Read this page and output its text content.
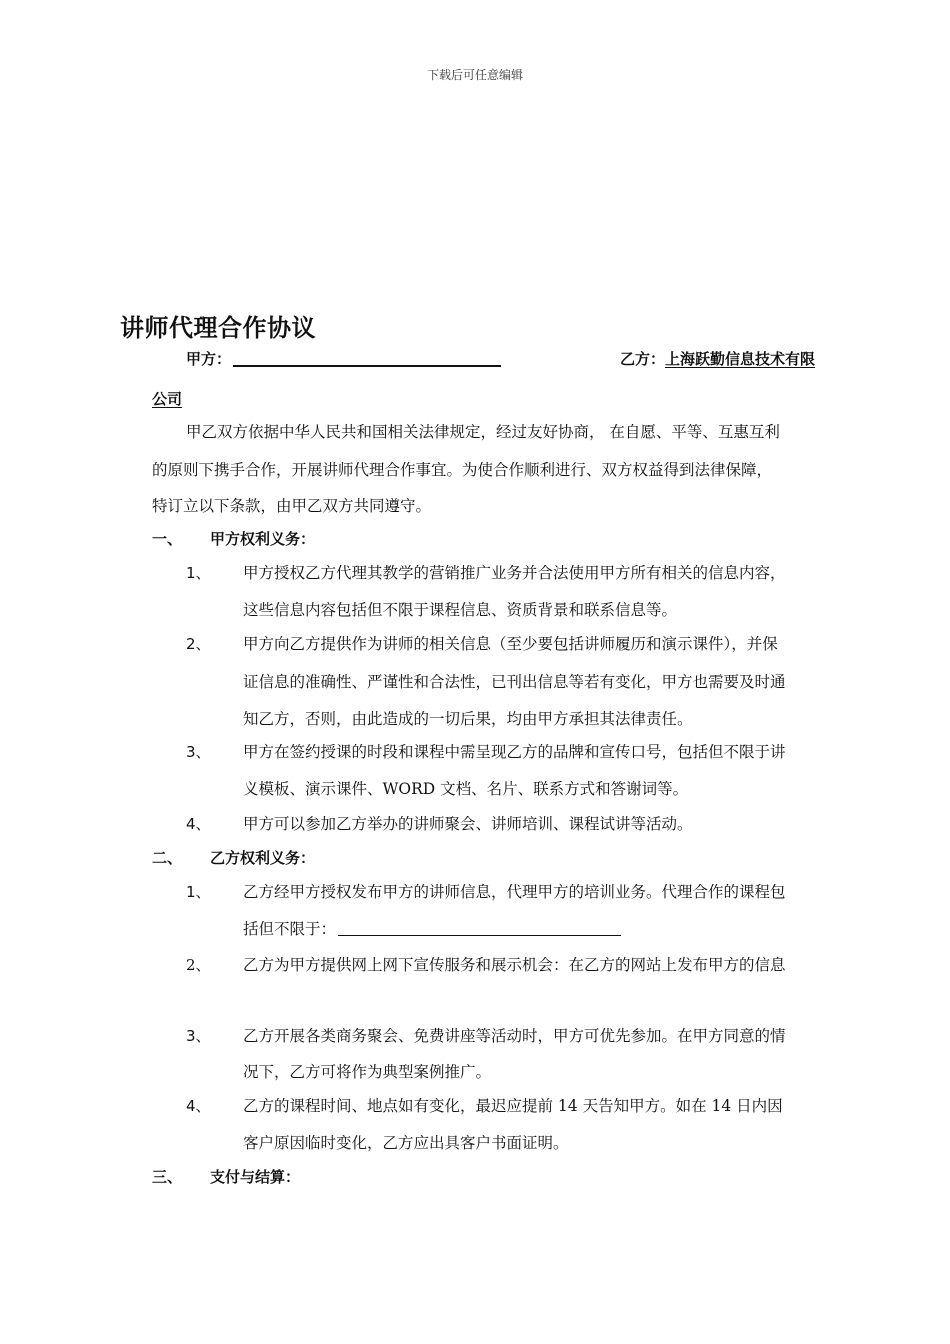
下载后可任意编辑
讲师代理合作协议
甲方：	乙方：上海跃勤信息技术有限
公司
甲乙双方依据中华人民共和国相关法律规定，经过友好协商， 在自愿、平等、互惠互利
的原则下携手合作，开展讲师代理合作事宜。为使合作顺利进行、双方权益得到法律保障，
特订立以下条款，由甲乙双方共同遵守。
一、 甲方权利义务：
1、 甲方授权乙方代理其教学的营销推广业务并合法使用甲方所有相关的信息内容，
这些信息内容包括但不限于课程信息、资质背景和联系信息等。
2、 甲方向乙方提供作为讲师的相关信息（至少要包括讲师履历和演示课件），并保
证信息的准确性、严谨性和合法性，已刊出信息等若有变化，甲方也需要及时通
知乙方，否则，由此造成的一切后果，均由甲方承担其法律责任。
3、 甲方在签约授课的时段和课程中需呈现乙方的品牌和宣传口号，包括但不限于讲
义模板、演示课件、WORD 文档、名片、联系方式和答谢词等。
4、 甲方可以参加乙方举办的讲师聚会、讲师培训、课程试讲等活动。
二、 乙方权利义务：
1、 乙方经甲方授权发布甲方的讲师信息，代理甲方的培训业务。代理合作的课程包
括但不限于：
2、 乙方为甲方提供网上网下宣传服务和展示机会：在乙方的网站上发布甲方的信息
3、 乙方开展各类商务聚会、免费讲座等活动时，甲方可优先参加。在甲方同意的情
况下，乙方可将作为典型案例推广。
4、 乙方的课程时间、地点如有变化，最迟应提前 14 天告知甲方。如在 14 日内因
客户原因临时变化，乙方应出具客户书面证明。
三、 支付与结算：
